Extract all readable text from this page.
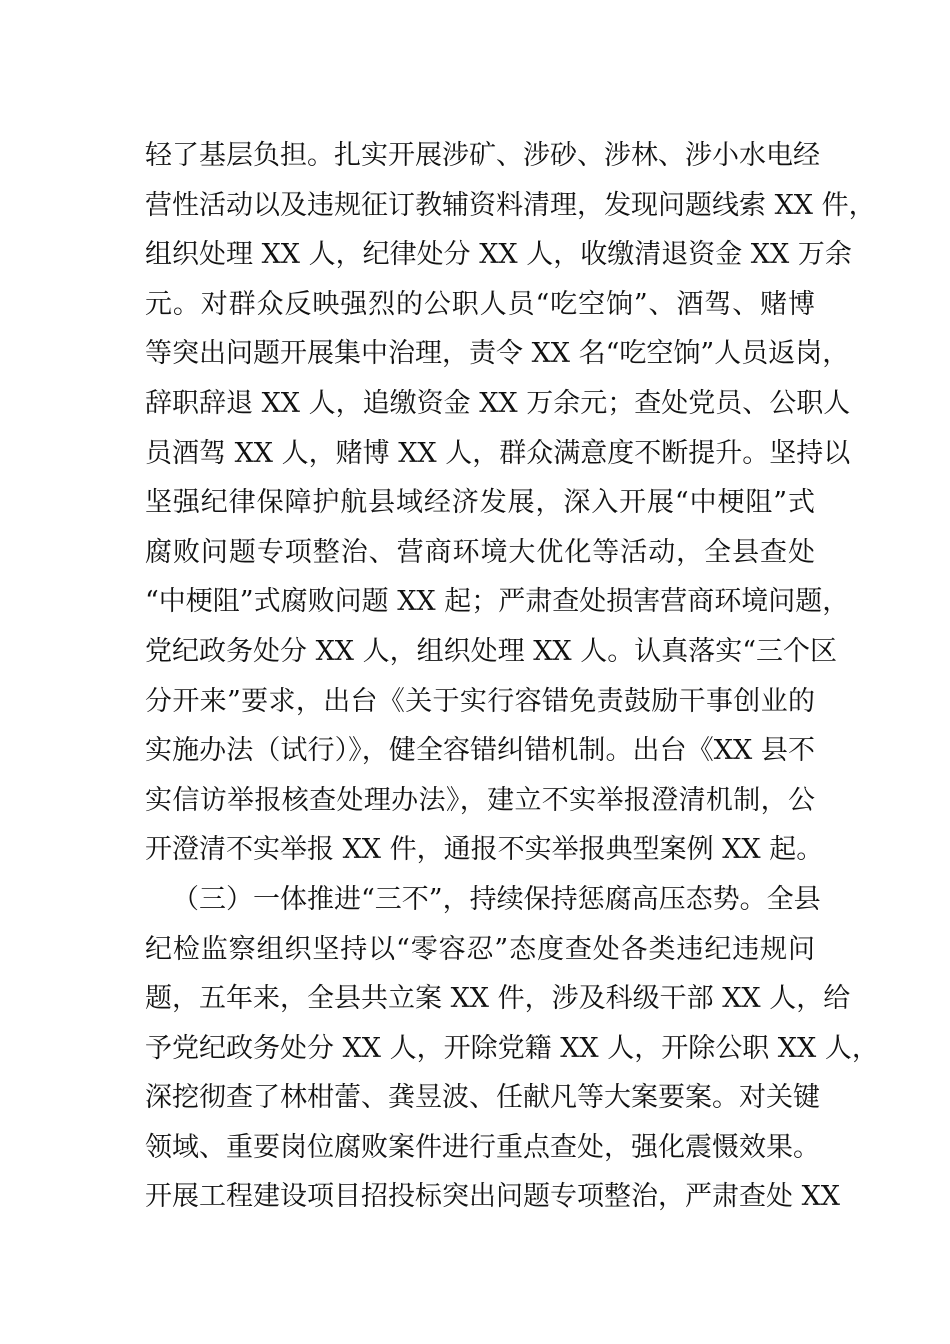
轻了基层负担。扎实开展涉矿、涉砂、涉林、涉小水电经
营性活动以及违规征订教辅资料清理，发现问题线索 XX 件，
组织处理 XX 人，纪律处分 XX 人，收缴清退资金 XX 万余
元。对群众反映强烈的公职人员“吃空饷”、酒驾、赌博
等突出问题开展集中治理，责令 XX 名“吃空饷”人员返岗，
辞职辞退 XX 人，追缴资金 XX 万余元；查处党员、公职人
员酒驾 XX 人，赌博 XX 人，群众满意度不断提升。坚持以
坚强纪律保障护航县域经济发展，深入开展“中梗阻”式
腐败问题专项整治、营商环境大优化等活动，全县查处
“中梗阻”式腐败问题 XX 起；严肃查处损害营商环境问题，
党纪政务处分 XX 人，组织处理 XX 人。认真落实“三个区
分开来”要求，出台《关于实行容错免责鼓励干事创业的
实施办法（试行）》，健全容错纠错机制。出台《XX 县不
实信访举报核查处理办法》，建立不实举报澄清机制，公
开澄清不实举报 XX 件，通报不实举报典型案例 XX 起。
（三）一体推进“三不”，持续保持惩腐高压态势。全县
纪检监察组织坚持以“零容忍”态度查处各类违纪违规问
题，五年来，全县共立案 XX 件，涉及科级干部 XX 人，给
予党纪政务处分 XX 人，开除党籍 XX 人，开除公职 XX 人，
深挖彻查了林柑蕾、龚昱波、任献凡等大案要案。对关键
领域、重要岗位腐败案件进行重点查处，强化震慑效果。
开展工程建设项目招投标突出问题专项整治，严肃查处 XX
